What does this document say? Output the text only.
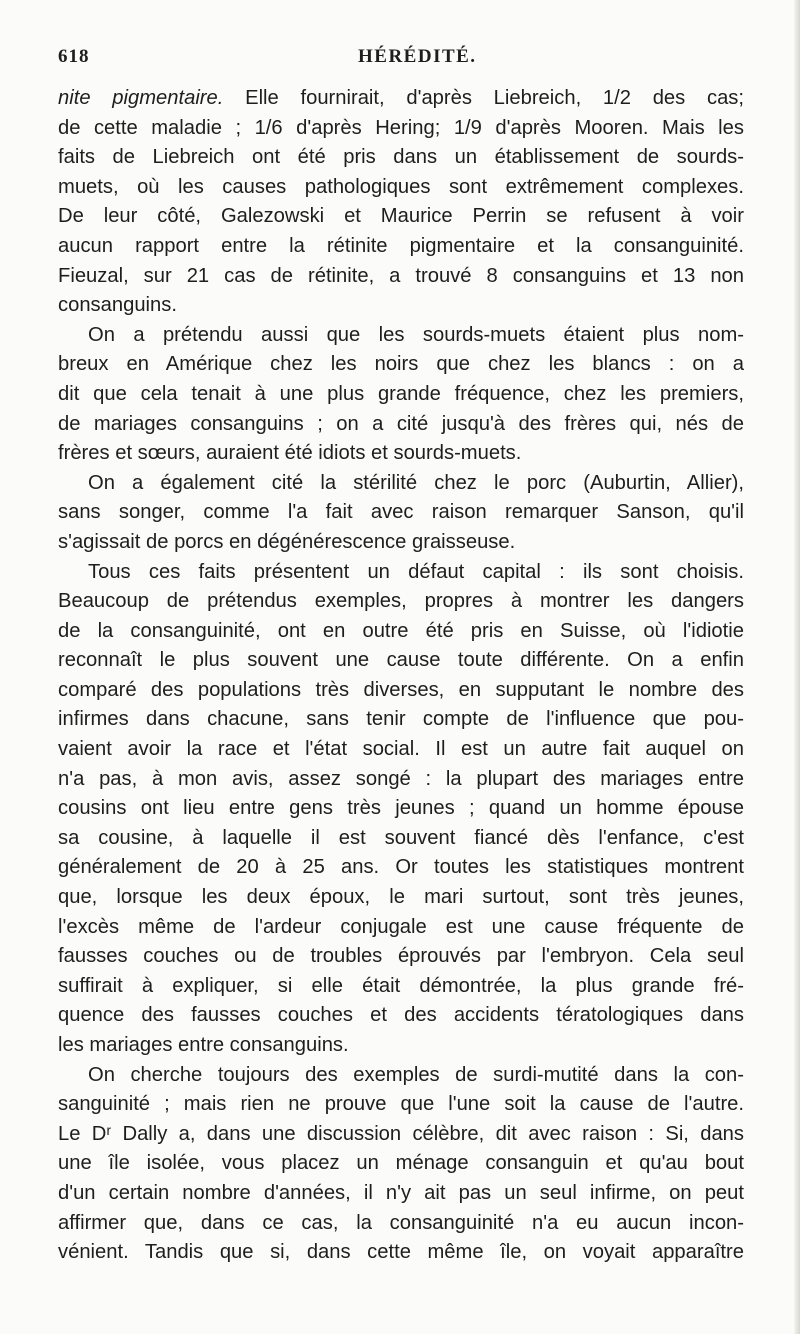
618	HÉRÉDITÉ.

nite pigmentaire. Elle fournirait, d'après Liebreich, 1/2 des cas;
de cette maladie ; 1/6 d'après Hering; 1/9 d'après Mooren. Mais les
faits de Liebreich ont été pris dans un établissement de sourds-
muets, où les causes pathologiques sont extrêmement complexes.
De leur côté, Galezowski et Maurice Perrin se refusent à voir
aucun rapport entre la rétinite pigmentaire et la consanguinité.
Fieuzal, sur 21 cas de rétinite, a trouvé 8 consanguins et 13 non
consanguins.

On a prétendu aussi que les sourds-muets étaient plus nom-
breux en Amérique chez les noirs que chez les blancs : on a
dit que cela tenait à une plus grande fréquence, chez les premiers,
de mariages consanguins ; on a cité jusqu'à des frères qui, nés de
frères et sœurs, auraient été idiots et sourds-muets.

On a également cité la stérilité chez le porc (Auburtin, Allier),
sans songer, comme l'a fait avec raison remarquer Sanson, qu'il
s'agissait de porcs en dégénérescence graisseuse.

Tous ces faits présentent un défaut capital : ils sont choisis.
Beaucoup de prétendus exemples, propres à montrer les dangers
de la consanguinité, ont en outre été pris en Suisse, où l'idiotie
reconnaît le plus souvent une cause toute différente. On a enfin
comparé des populations très diverses, en supputant le nombre des
infirmes dans chacune, sans tenir compte de l'influence que pou-
vaient avoir la race et l'état social. Il est un autre fait auquel on
n'a pas, à mon avis, assez songé : la plupart des mariages entre
cousins ont lieu entre gens très jeunes ; quand un homme épouse
sa cousine, à laquelle il est souvent fiancé dès l'enfance, c'est
généralement de 20 à 25 ans. Or toutes les statistiques montrent
que, lorsque les deux époux, le mari surtout, sont très jeunes,
l'excès même de l'ardeur conjugale est une cause fréquente de
fausses couches ou de troubles éprouvés par l'embryon. Cela seul
suffirait à expliquer, si elle était démontrée, la plus grande fré-
quence des fausses couches et des accidents tératologiques dans
les mariages entre consanguins.

On cherche toujours des exemples de surdi-mutité dans la con-
sanguinité ; mais rien ne prouve que l'une soit la cause de l'autre.
Le Dʳ Dally a, dans une discussion célèbre, dit avec raison : Si, dans
une île isolée, vous placez un ménage consanguin et qu'au bout
d'un certain nombre d'années, il n'y ait pas un seul infirme, on peut
affirmer que, dans ce cas, la consanguinité n'a eu aucun incon-
vénient. Tandis que si, dans cette même île, on voyait apparaître
